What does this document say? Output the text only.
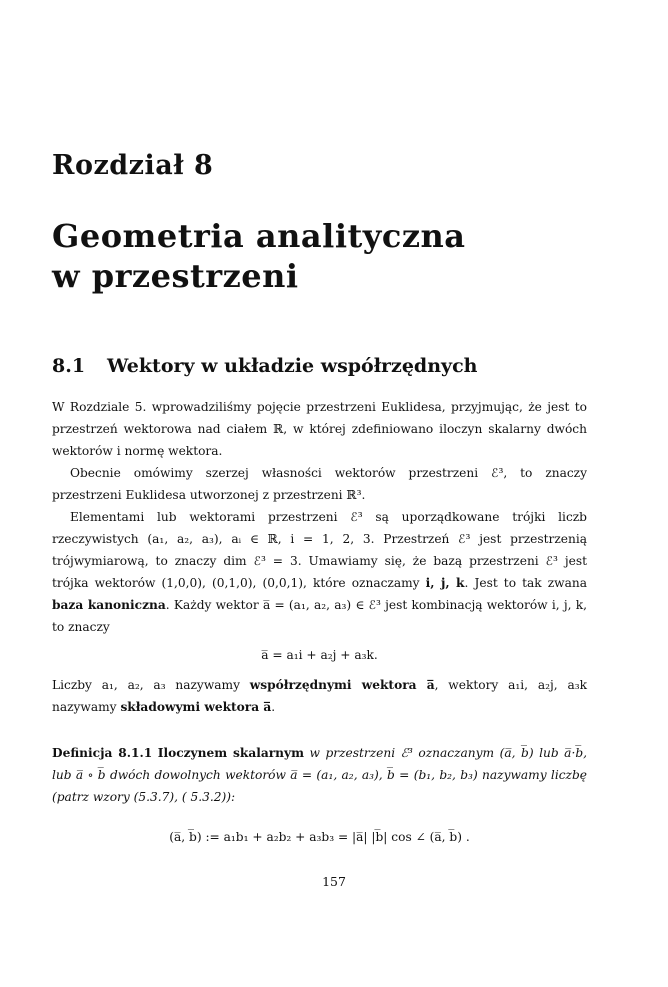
Rozdział 8
Geometria analityczna
w przestrzeni
8.1 Wektory w układzie współrzędnych

W Rozdziale 5. wprowadziliśmy pojęcie przestrzeni Euklidesa, przyjmując, że jest to przestrzeń wektorowa nad ciałem ℝ, w której zdefiniowano iloczyn skalarny dwóch wektorów i normę wektora.

Obecnie omówimy szerzej własności wektorów przestrzeni ℰ³, to znaczy przestrzeni Euklidesa utworzonej z przestrzeni ℝ³.

Elementami lub wektorami przestrzeni ℰ³ są uporządkowane trójki liczb rzeczywistych (a₁, a₂, a₃), aᵢ ∈ ℝ, i = 1, 2, 3. Przestrzeń ℰ³ jest przestrzenią trójwymiarową, to znaczy dim ℰ³ = 3. Umawiamy się, że bazą przestrzeni ℰ³ jest trójka wektorów (1,0,0), (0,1,0), (0,0,1), które oznaczamy i, j, k. Jest to tak zwana baza kanoniczna. Każdy wektor a̅ = (a₁, a₂, a₃) ∈ ℰ³ jest kombinacją wektorów i, j, k, to znaczy

a̅ = a₁i + a₂j + a₃k.

Liczby a₁, a₂, a₃ nazywamy współrzędnymi wektora a̅, wektory a₁i, a₂j, a₃k nazywamy składowymi wektora a̅.

Definicja 8.1.1 Iloczynem skalarnym w przestrzeni ℰ³ oznaczanym (a̅, b̅) lub a̅·b̅, lub a̅ ∘ b̅ dwóch dowolnych wektorów a̅ = (a₁, a₂, a₃), b̅ = (b₁, b₂, b₃) nazywamy liczbę (patrz wzory (5.3.7), ( 5.3.2)):
(a̅, b̅) := a₁b₁ + a₂b₂ + a₃b₃ = |a̅| |b̅| cos ∠ (a̅, b̅) .
157
